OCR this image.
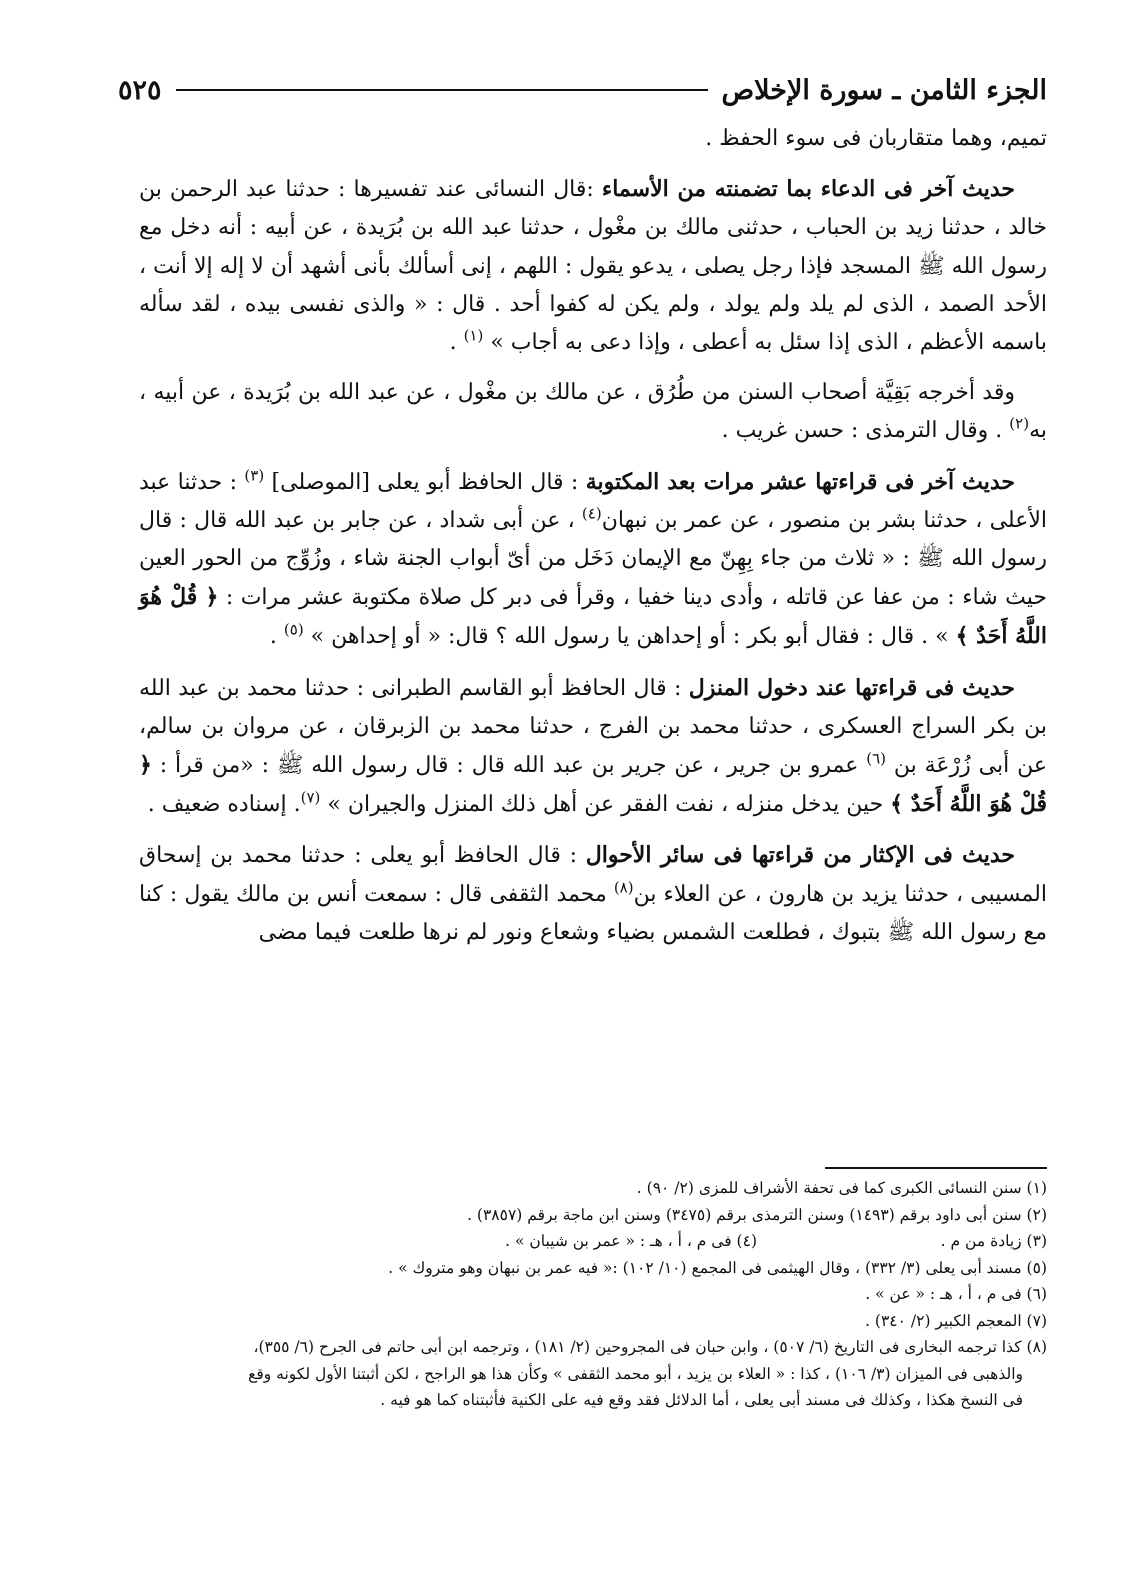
الجزء الثامن ـ سورة الإخلاص
٥٢٥

تميم، وهما متقاربان فى سوء الحفظ .

حديث آخر فى الدعاء بما تضمنته من الأسماء :قال النسائى عند تفسيرها : حدثنا عبد الرحمن بن خالد ، حدثنا زيد بن الحباب ، حدثنى مالك بن مغْول ، حدثنا عبد الله بن بُرَيدة ، عن أبيه : أنه دخل مع رسول الله ﷺ المسجد فإذا رجل يصلى ، يدعو يقول : اللهم ، إنى أسألك بأنى أشهد أن لا إله إلا أنت ، الأحد الصمد ، الذى لم يلد ولم يولد ، ولم يكن له كفوا أحد . قال : « والذى نفسى بيده ، لقد سأله باسمه الأعظم ، الذى إذا سئل به أعطى ، وإذا دعى به أجاب » $^{(١)}$ .

وقد أخرجه بَقِيَّة أصحاب السنن من طُرُق ، عن مالك بن مغْول ، عن عبد الله بن بُرَيدة ، عن أبيه ، به$^{(٢)}$ . وقال الترمذى : حسن غريب .

حديث آخر فى قراءتها عشر مرات بعد المكتوبة : قال الحافظ أبو يعلى [الموصلى] $^{(٣)}$ : حدثنا عبد الأعلى ، حدثنا بشر بن منصور ، عن عمر بن نبهان$^{(٤)}$ ، عن أبى شداد ، عن جابر بن عبد الله قال : قال رسول الله ﷺ : « ثلاث من جاء بِهِنّ مع الإيمان دَخَل من أىّ أبواب الجنة شاء ، وزُوِّج من الحور العين حيث شاء : من عفا عن قاتله ، وأدى دينا خفيا ، وقرأ فى دبر كل صلاة مكتوبة عشر مرات : ﴿ قُلْ هُوَ اللَّهُ أَحَدٌ ﴾ » . قال : فقال أبو بكر : أو إحداهن يا رسول الله ؟ قال: « أو إحداهن » $^{(٥)}$ .

حديث فى قراءتها عند دخول المنزل : قال الحافظ أبو القاسم الطبرانى : حدثنا محمد بن عبد الله بن بكر السراج العسكرى ، حدثنا محمد بن الفرج ، حدثنا محمد بن الزبرقان ، عن مروان بن سالم، عن أبى زُرْعَة بن $^{(٦)}$ عمرو بن جرير ، عن جرير بن عبد الله قال : قال رسول الله ﷺ : «من قرأ : ﴿ قُلْ هُوَ اللَّهُ أَحَدٌ ﴾ حين يدخل منزله ، نفت الفقر عن أهل ذلك المنزل والجيران » $^{(٧)}$. إسناده ضعيف .

حديث فى الإكثار من قراءتها فى سائر الأحوال : قال الحافظ أبو يعلى : حدثنا محمد بن إسحاق المسيبى ، حدثنا يزيد بن هارون ، عن العلاء بن$^{(٨)}$ محمد الثقفى قال : سمعت أنس بن مالك يقول : كنا مع رسول الله ﷺ بتبوك ، فطلعت الشمس بضياء وشعاع ونور لم نرها طلعت فيما مضى

(١) سنن النسائى الكبرى كما فى تحفة الأشراف للمزى (٢/ ٩٠) .
(٢) سنن أبى داود برقم (١٤٩٣) وسنن الترمذى برقم (٣٤٧٥) وسنن ابن ماجة برقم (٣٨٥٧) .
(٣) زيادة من م .
(٤) فى م ، أ ، هـ : « عمر بن شيبان » .
(٥) مسند أبى يعلى (٣/ ٣٣٢) ، وقال الهيثمى فى المجمع (١٠/ ١٠٢) :« فيه عمر بن نبهان وهو متروك » .
(٦) فى م ، أ ، هـ : « عن » .
(٧) المعجم الكبير (٢/ ٣٤٠) .
(٨) كذا ترجمه البخارى فى التاريخ (٦/ ٥٠٧) ، وابن حبان فى المجروحين (٢/ ١٨١) ، وترجمه ابن أبى حاتم فى الجرح (٦/ ٣٥٥)،
والذهبى فى الميزان (٣/ ١٠٦) ، كذا : « العلاء بن يزيد ، أبو محمد الثقفى » وكأن هذا هو الراجح ، لكن أثبتنا الأول لكونه وقع
فى النسخ هكذا ، وكذلك فى مسند أبى يعلى ، أما الدلائل فقد وقع فيه على الكنية فأثبتناه كما هو فيه .
